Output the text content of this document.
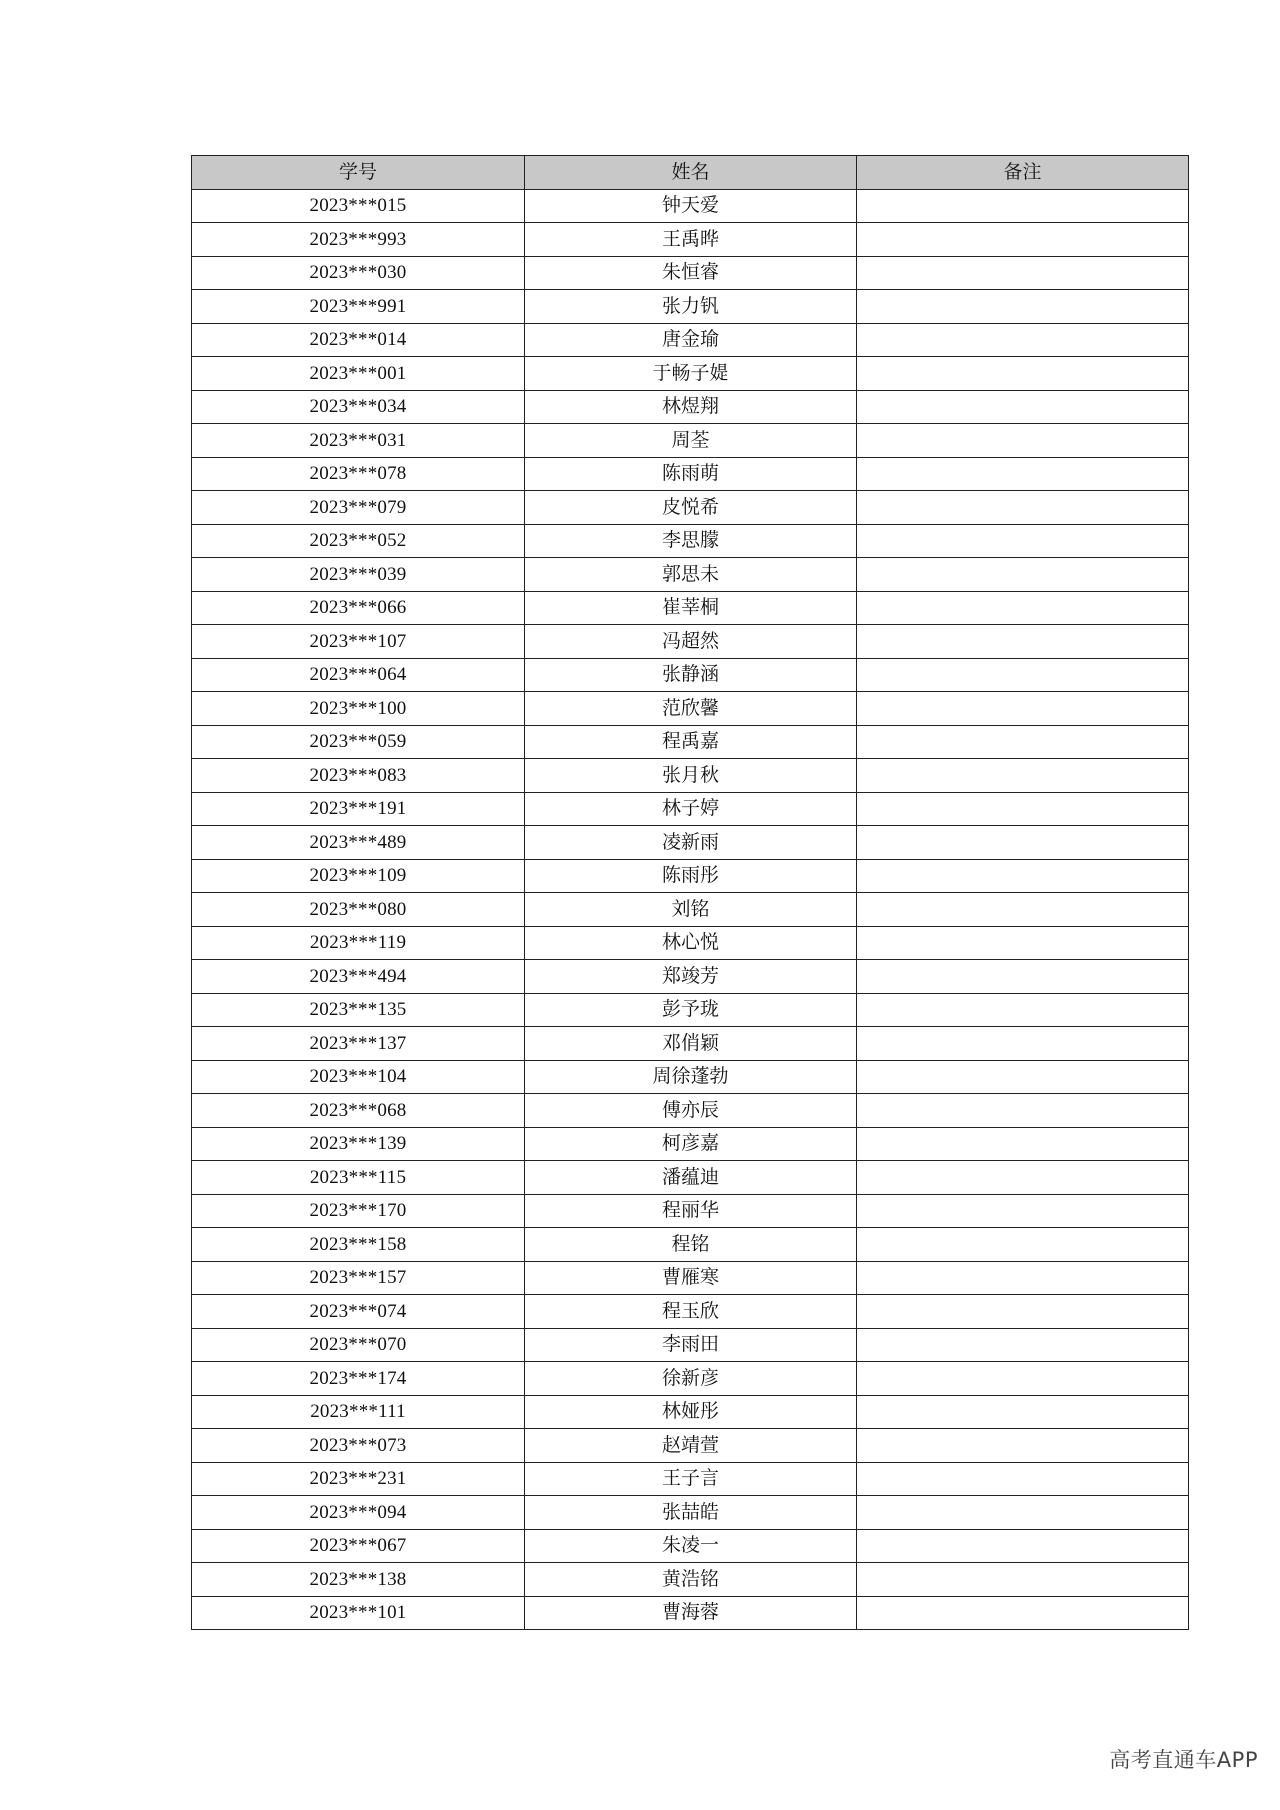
学号	姓名	备注
2023***015	钟天爱	
2023***993	王禹晔	
2023***030	朱恒睿	
2023***991	张力钒	
2023***014	唐金瑜	
2023***001	于畅子媞	
2023***034	林煜翔	
2023***031	周荃	
2023***078	陈雨萌	
2023***079	皮悦希	
2023***052	李思朦	
2023***039	郭思未	
2023***066	崔莘桐	
2023***107	冯超然	
2023***064	张静涵	
2023***100	范欣馨	
2023***059	程禹嘉	
2023***083	张月秋	
2023***191	林子婷	
2023***489	凌新雨	
2023***109	陈雨彤	
2023***080	刘铭	
2023***119	林心悦	
2023***494	郑竣芳	
2023***135	彭予珑	
2023***137	邓俏颖	
2023***104	周徐蓬勃	
2023***068	傅亦辰	
2023***139	柯彦嘉	
2023***115	潘蕴迪	
2023***170	程丽华	
2023***158	程铭	
2023***157	曹雁寒	
2023***074	程玉欣	
2023***070	李雨田	
2023***174	徐新彦	
2023***111	林娅彤	
2023***073	赵靖萱	
2023***231	王子言	
2023***094	张喆皓	
2023***067	朱凌一	
2023***138	黄浩铭	
2023***101	曹海蓉	
高考直通车APP
